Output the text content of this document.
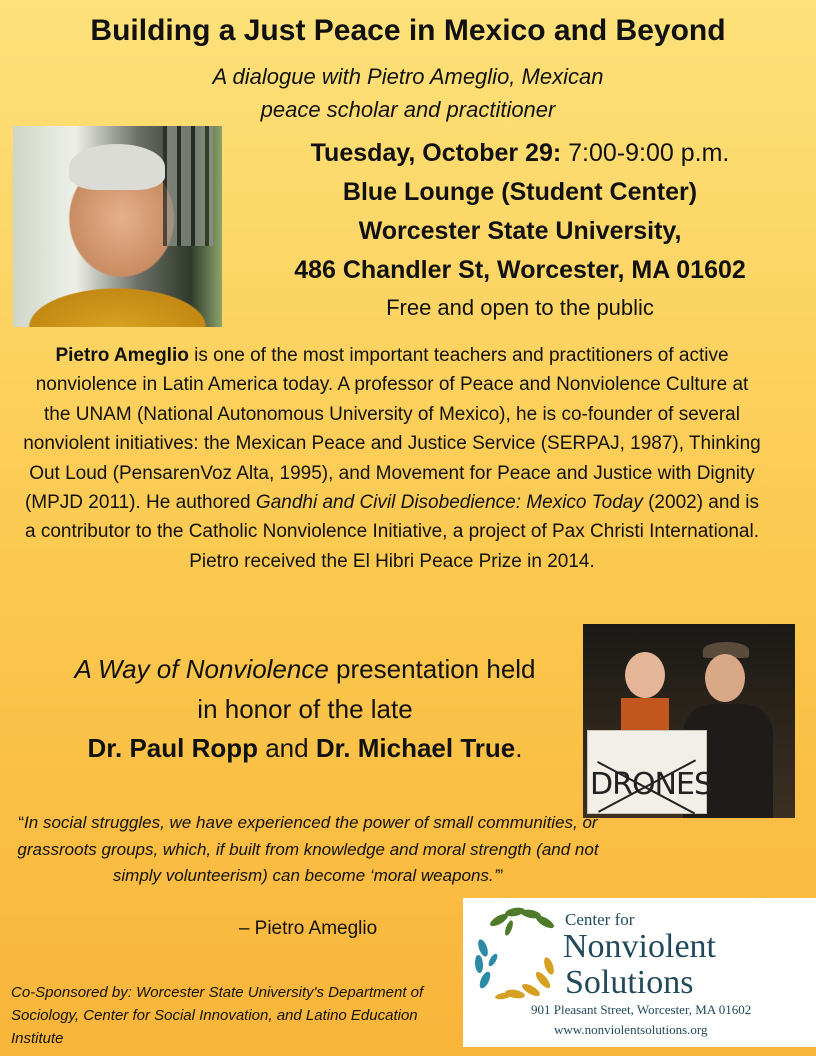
Building a Just Peace in Mexico and Beyond
A dialogue with Pietro Ameglio, Mexican
peace scholar and practitioner
Tuesday, October 29: 7:00-9:00 p.m.
Blue Lounge (Student Center)
Worcester State University,
486 Chandler St, Worcester, MA 01602
Free and open to the public
Pietro Ameglio is one of the most important teachers and practitioners of active nonviolence in Latin America today. A professor of Peace and Nonviolence Culture at the UNAM (National Autonomous University of Mexico), he is co-founder of several nonviolent initiatives: the Mexican Peace and Justice Service (SERPAJ, 1987), Thinking Out Loud (PensarenVoz Alta, 1995), and Movement for Peace and Justice with Dignity (MPJD 2011). He authored Gandhi and Civil Disobedience: Mexico Today (2002) and is a contributor to the Catholic Nonviolence Initiative, a project of Pax Christi International. Pietro received the El Hibri Peace Prize in 2014.
A Way of Nonviolence presentation held
in honor of the late
Dr. Paul Ropp and Dr. Michael True.
DRONES
“In social struggles, we have experienced the power of small communities, or grassroots groups, which, if built from knowledge and moral strength (and not simply volunteerism) can become ‘moral weapons.’”
– Pietro Ameglio
Co-Sponsored by: Worcester State University's Department of Sociology, Center for Social Innovation, and Latino Education Institute
Center for
Nonviolent
Solutions
901 Pleasant Street, Worcester, MA 01602
www.nonviolentsolutions.org
